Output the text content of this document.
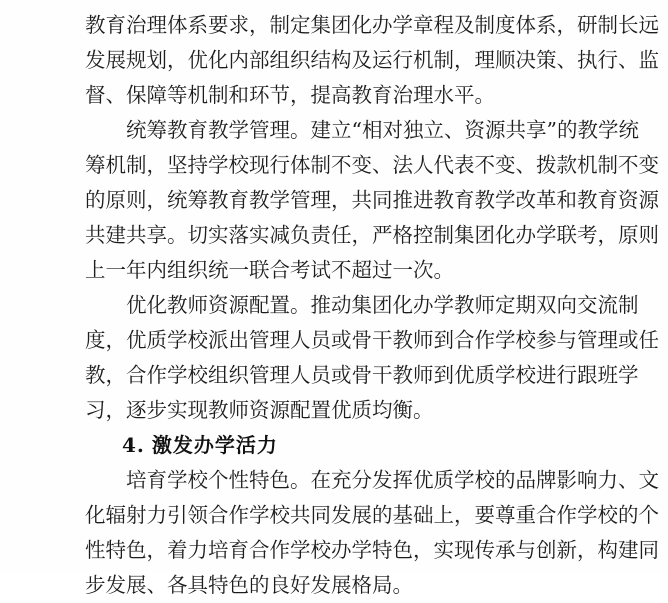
教 育 治 理 体 系 要 求 ， 制 定 集 团 化 办 学 章 程 及 制 度 体 系 ， 研 制 长 远
发 展 规 划 ， 优 化 内 部 组 织 结 构 及 运 行 机 制 ， 理 顺 决 策 、 执 行 、 监
督、保障等机制和环节，提高教育治理水平。
统 筹 教 育 教 学 管 理 。 建 立 “ 相 对 独 立 、 资 源 共 享 ” 的 教 学 统
筹 机 制 ， 坚 持 学 校 现 行 体 制 不 变 、 法 人 代 表 不 变 、 拨 款 机 制 不 变
的 原 则 ， 统 筹 教 育 教 学 管 理 ， 共 同 推 进 教 育 教 学 改 革 和 教 育 资 源
共 建 共 享 。 切 实 落 实 减 负 责 任 ， 严 格 控 制 集 团 化 办 学 联 考 ， 原 则
上一年内组织统一联合考试不超过一次。
优 化 教 师 资 源 配 置 。 推 动 集 团 化 办 学 教 师 定 期 双 向 交 流 制
度 ， 优 质 学 校 派 出 管 理 人 员 或 骨 干 教 师 到 合 作 学 校 参 与 管 理 或 任
教 ， 合 作 学 校 组 织 管 理 人 员 或 骨 干 教 师 到 优 质 学 校 进 行 跟 班 学
习，逐步实现教师资源配置优质均衡。
4. 激发办学活力
培 育 学 校 个 性 特 色 。 在 充 分 发 挥 优 质 学 校 的 品 牌 影 响 力 、 文
化 辐 射 力 引 领 合 作 学 校 共 同 发 展 的 基 础 上 ， 要 尊 重 合 作 学 校 的 个
性 特 色 ， 着 力 培 育 合 作 学 校 办 学 特 色 ， 实 现 传 承 与 创 新 ， 构 建 同
步发展、各具特色的良好发展格局。
